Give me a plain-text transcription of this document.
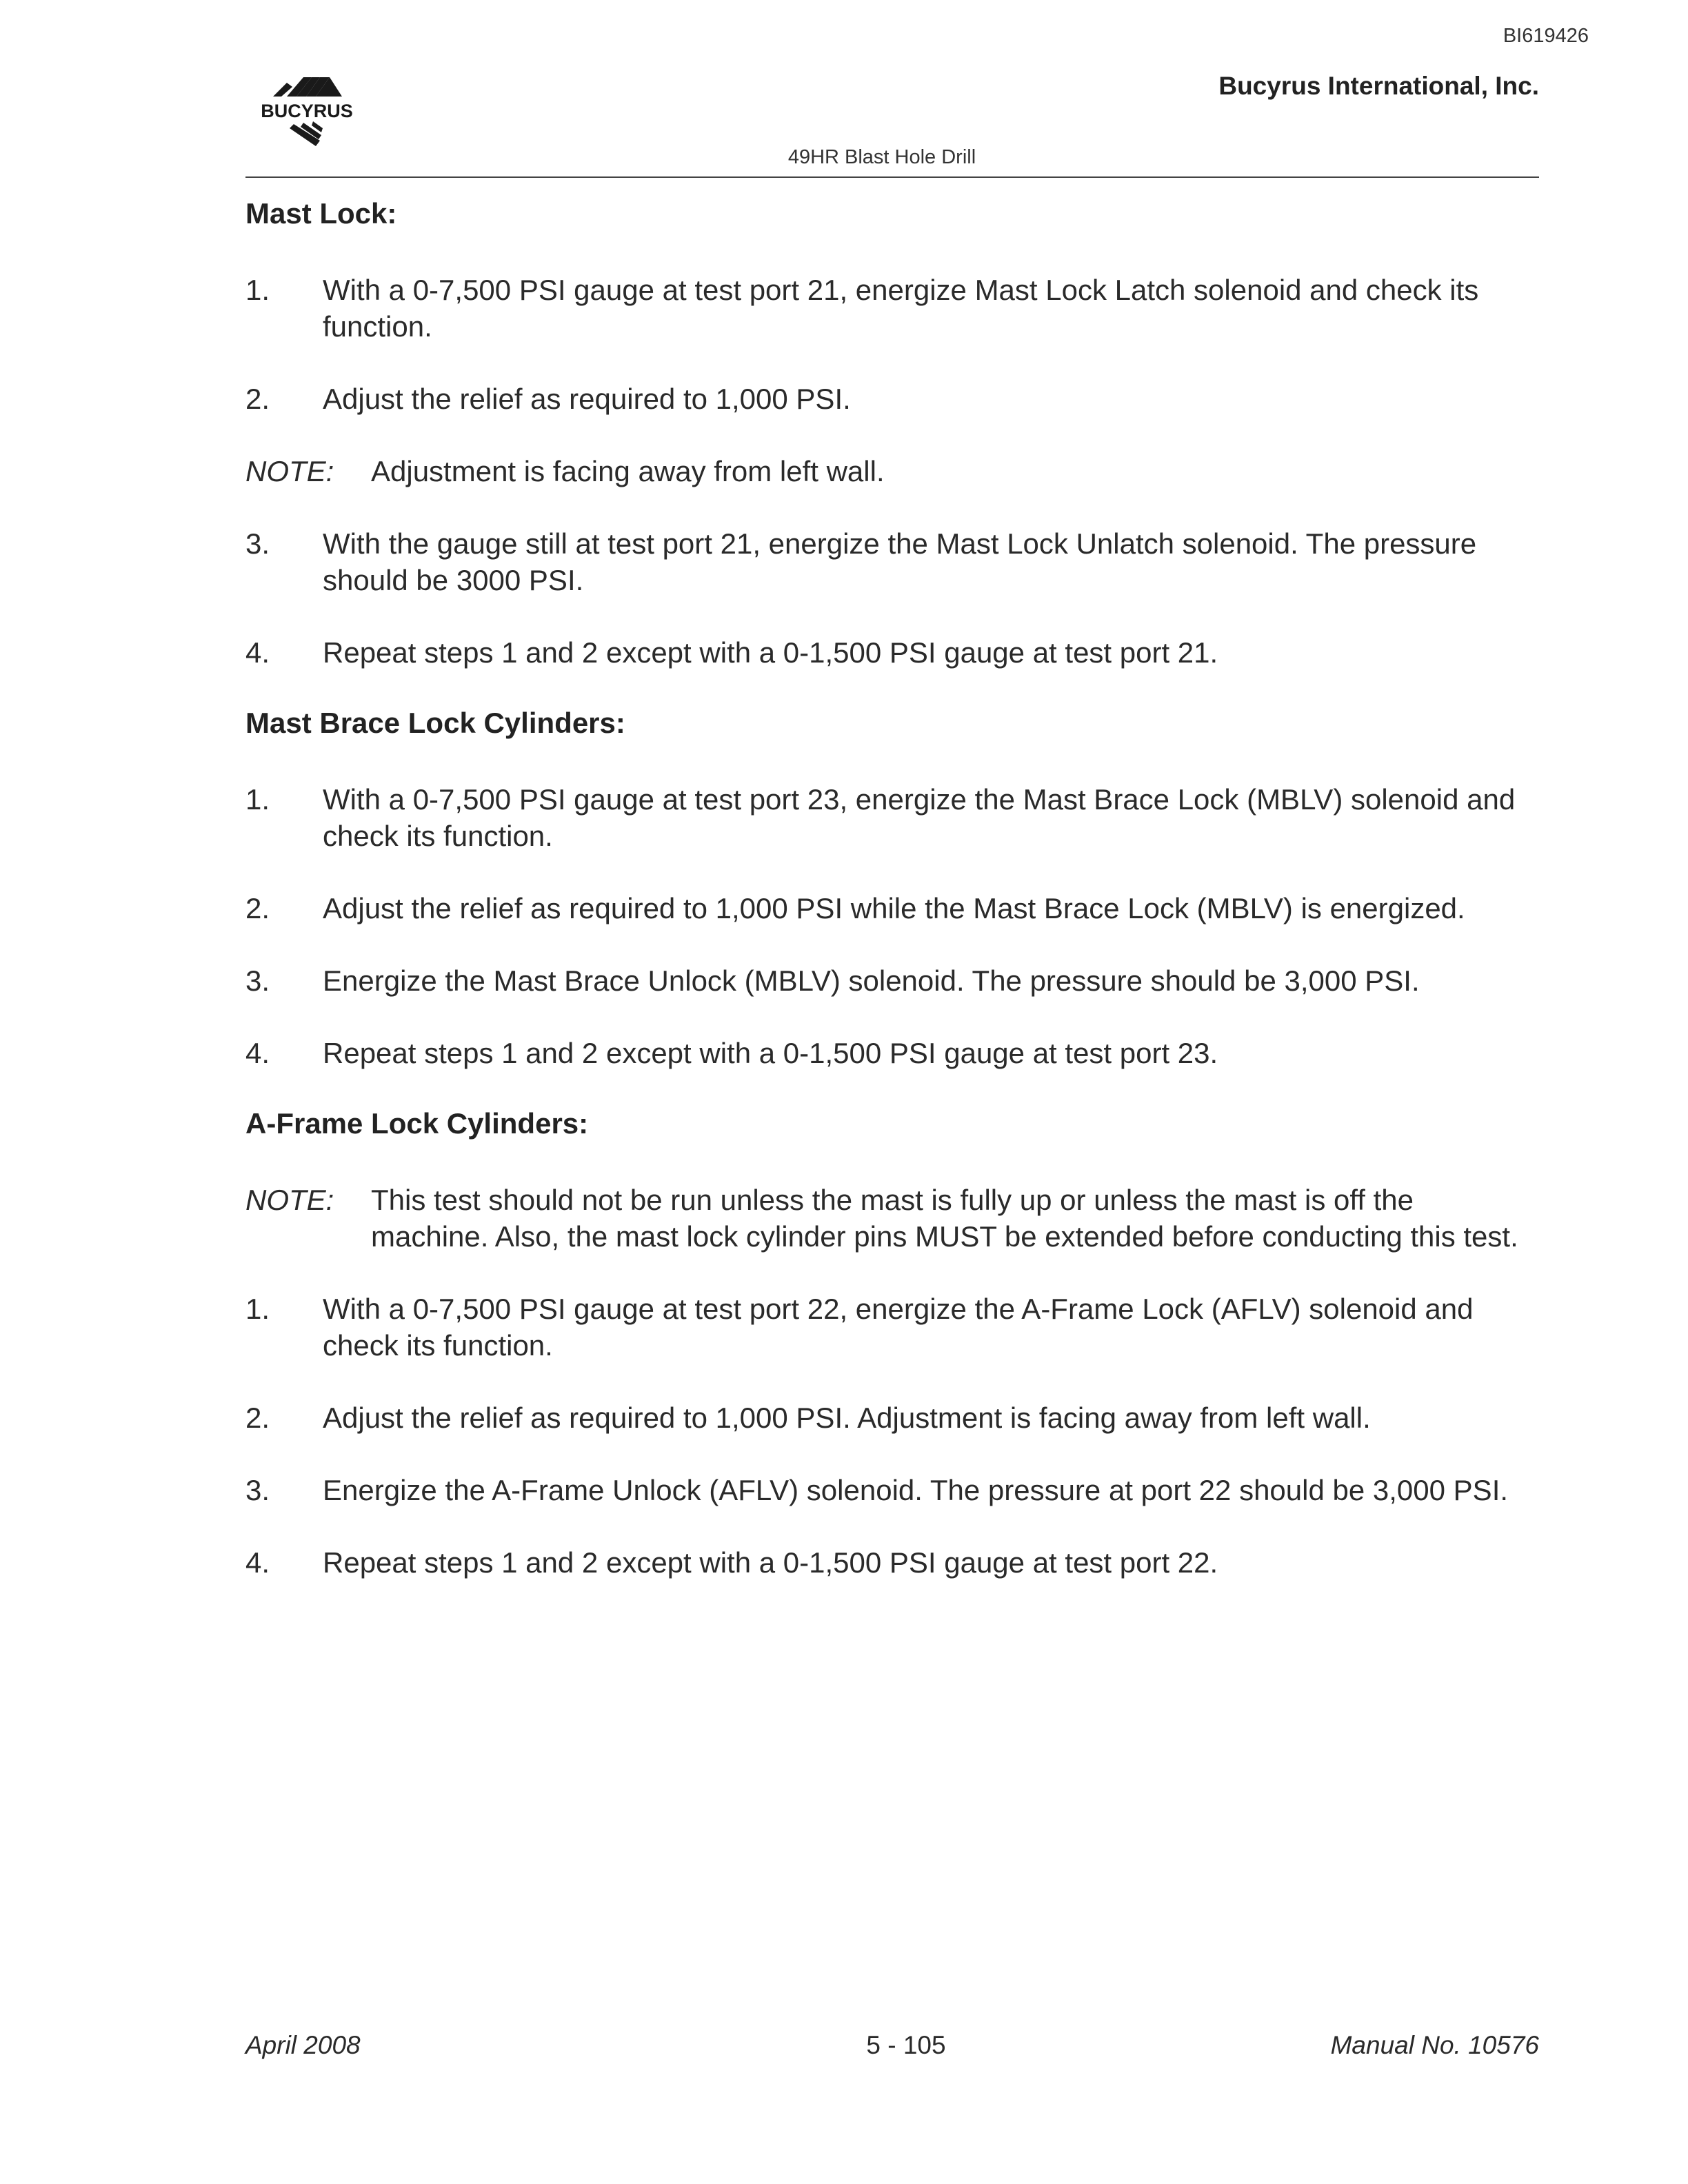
BI619426
BUCYRUS
Bucyrus International, Inc.
49HR Blast Hole Drill
Mast Lock:
1.	With a 0-7,500 PSI gauge at test port 21, energize Mast Lock Latch solenoid and check its function.
2.	Adjust the relief as required to 1,000 PSI.
NOTE:	Adjustment is facing away from left wall.
3.	With the gauge still at test port 21, energize the Mast Lock Unlatch solenoid. The pressure should be 3000 PSI.
4.	Repeat steps 1 and 2 except with a 0-1,500 PSI gauge at test port 21.
Mast Brace Lock Cylinders:
1.	With a 0-7,500 PSI gauge at test port 23, energize the Mast Brace Lock (MBLV) solenoid and check its function.
2.	Adjust the relief as required to 1,000 PSI while the Mast Brace Lock (MBLV) is energized.
3.	Energize the Mast Brace Unlock (MBLV) solenoid. The pressure should be 3,000 PSI.
4.	Repeat steps 1 and 2 except with a 0-1,500 PSI gauge at test port 23.
A-Frame Lock Cylinders:
NOTE:	This test should not be run unless the mast is fully up or unless the mast is off the machine. Also, the mast lock cylinder pins MUST be extended before conducting this test.
1.	With a 0-7,500 PSI gauge at test port 22, energize the A-Frame Lock (AFLV) solenoid and check its function.
2.	Adjust the relief as required to 1,000 PSI. Adjustment is facing away from left wall.
3.	Energize the A-Frame Unlock (AFLV) solenoid. The pressure at port 22 should be 3,000 PSI.
4.	Repeat steps 1 and 2 except with a 0-1,500 PSI gauge at test port 22.
April 2008	5 - 105	Manual No. 10576
